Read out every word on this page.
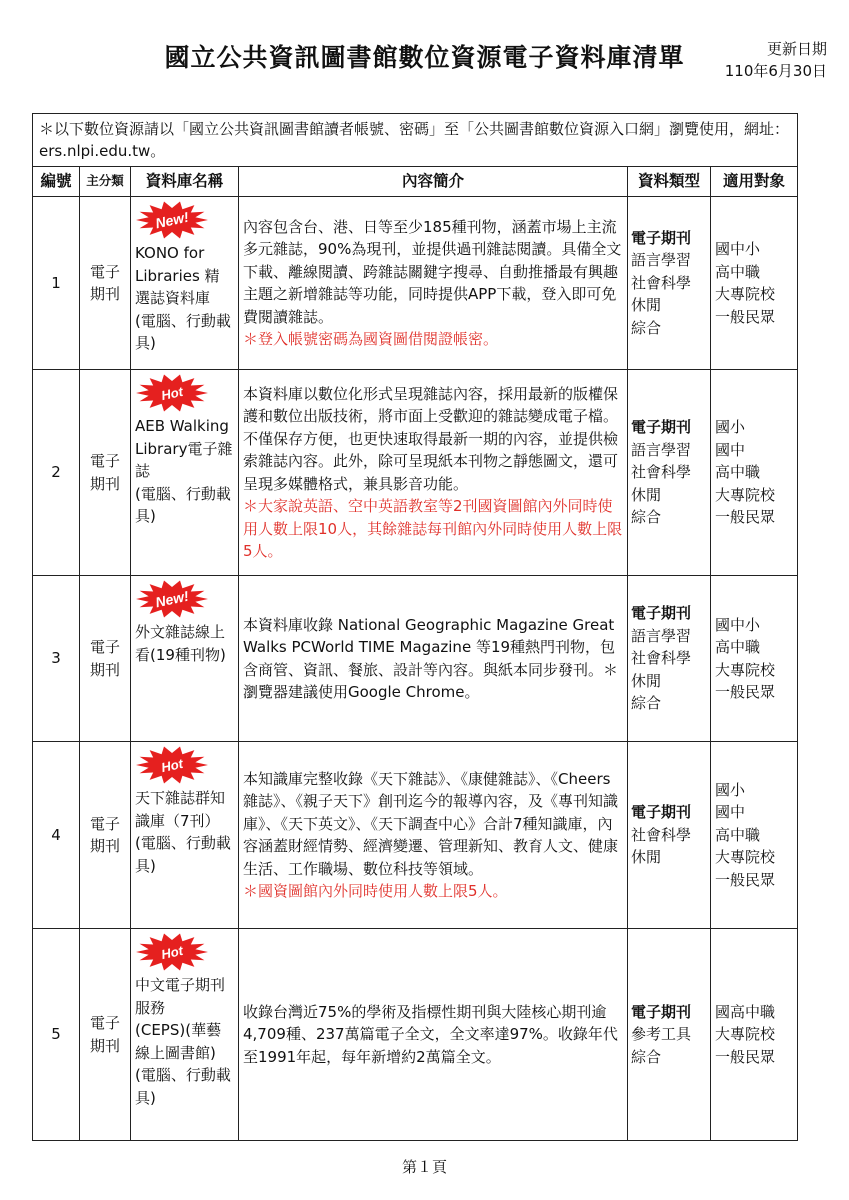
國立公共資訊圖書館數位資源電子資料庫清單	更新日期
110年6月30日
＊以下數位資源請以「國立公共資訊圖書館讀者帳號、密碼」至「公共圖書館數位資源入口網」瀏覽使用，網址：ers.nlpi.edu.tw。					
編號	主分類	資料庫名稱	內容簡介	資料類型	適用對象
1	電子期刊	New!
KONO for Libraries 精選誌資料庫
(電腦、行動載具)	內容包含台、港、日等至少185種刊物，涵蓋市場上主流多元雜誌，90%為現刊，並提供過刊雜誌閱讀。具備全文下載、離線閱讀、跨雜誌關鍵字搜尋、自動推播最有興趣主題之新增雜誌等功能，同時提供APP下載，登入即可免費閱讀雜誌。
＊登入帳號密碼為國資圖借閱證帳密。	電子期刊
語言學習
社會科學
休閒
綜合	國中小
高中職
大專院校
一般民眾

2	電子期刊	Hot
AEB Walking Library電子雜誌
(電腦、行動載具)	本資料庫以數位化形式呈現雜誌內容，採用最新的版權保護和數位出版技術，將市面上受歡迎的雜誌變成電子檔。不僅保存方便，也更快速取得最新一期的內容，並提供檢索雜誌內容。此外，除可呈現紙本刊物之靜態圖文，還可呈現多媒體格式，兼具影音功能。
＊大家說英語、空中英語教室等2刊國資圖館內外同時使用人數上限10人，其餘雜誌每刊館內外同時使用人數上限5人。	電子期刊
語言學習
社會科學
休閒
綜合	國小
國中
高中職
大專院校
一般民眾

3	電子期刊	New!
外文雜誌線上看(19種刊物)	本資料庫收錄 National Geographic Magazine Great Walks PCWorld TIME Magazine 等19種熱門刊物，包含商管、資訊、餐旅、設計等內容。與紙本同步發刊。＊瀏覽器建議使用Google Chrome。	電子期刊
語言學習
社會科學
休閒
綜合	國中小
高中職
大專院校
一般民眾

4	電子期刊	Hot
天下雜誌群知識庫（7刊）
(電腦、行動載具)	本知識庫完整收錄《天下雜誌》、《康健雜誌》、《Cheers雜誌》、《親子天下》創刊迄今的報導內容，及《專刊知識庫》、《天下英文》、《天下調查中心》合計7種知識庫，內容涵蓋財經情勢、經濟變遷、管理新知、教育人文、健康生活、工作職場、數位科技等領域。
＊國資圖館內外同時使用人數上限5人。	電子期刊
社會科學
休閒	國小
國中
高中職
大專院校
一般民眾

5	電子期刊	Hot
中文電子期刊服務
(CEPS)(華藝線上圖書館)
(電腦、行動載具)	收錄台灣近75%的學術及指標性期刊與大陸核心期刊逾4,709種、237萬篇電子全文，全文率達97%。收錄年代至1991年起，每年新增約2萬篇全文。	電子期刊
參考工具
綜合	國高中職
大專院校
一般民眾
第１頁
